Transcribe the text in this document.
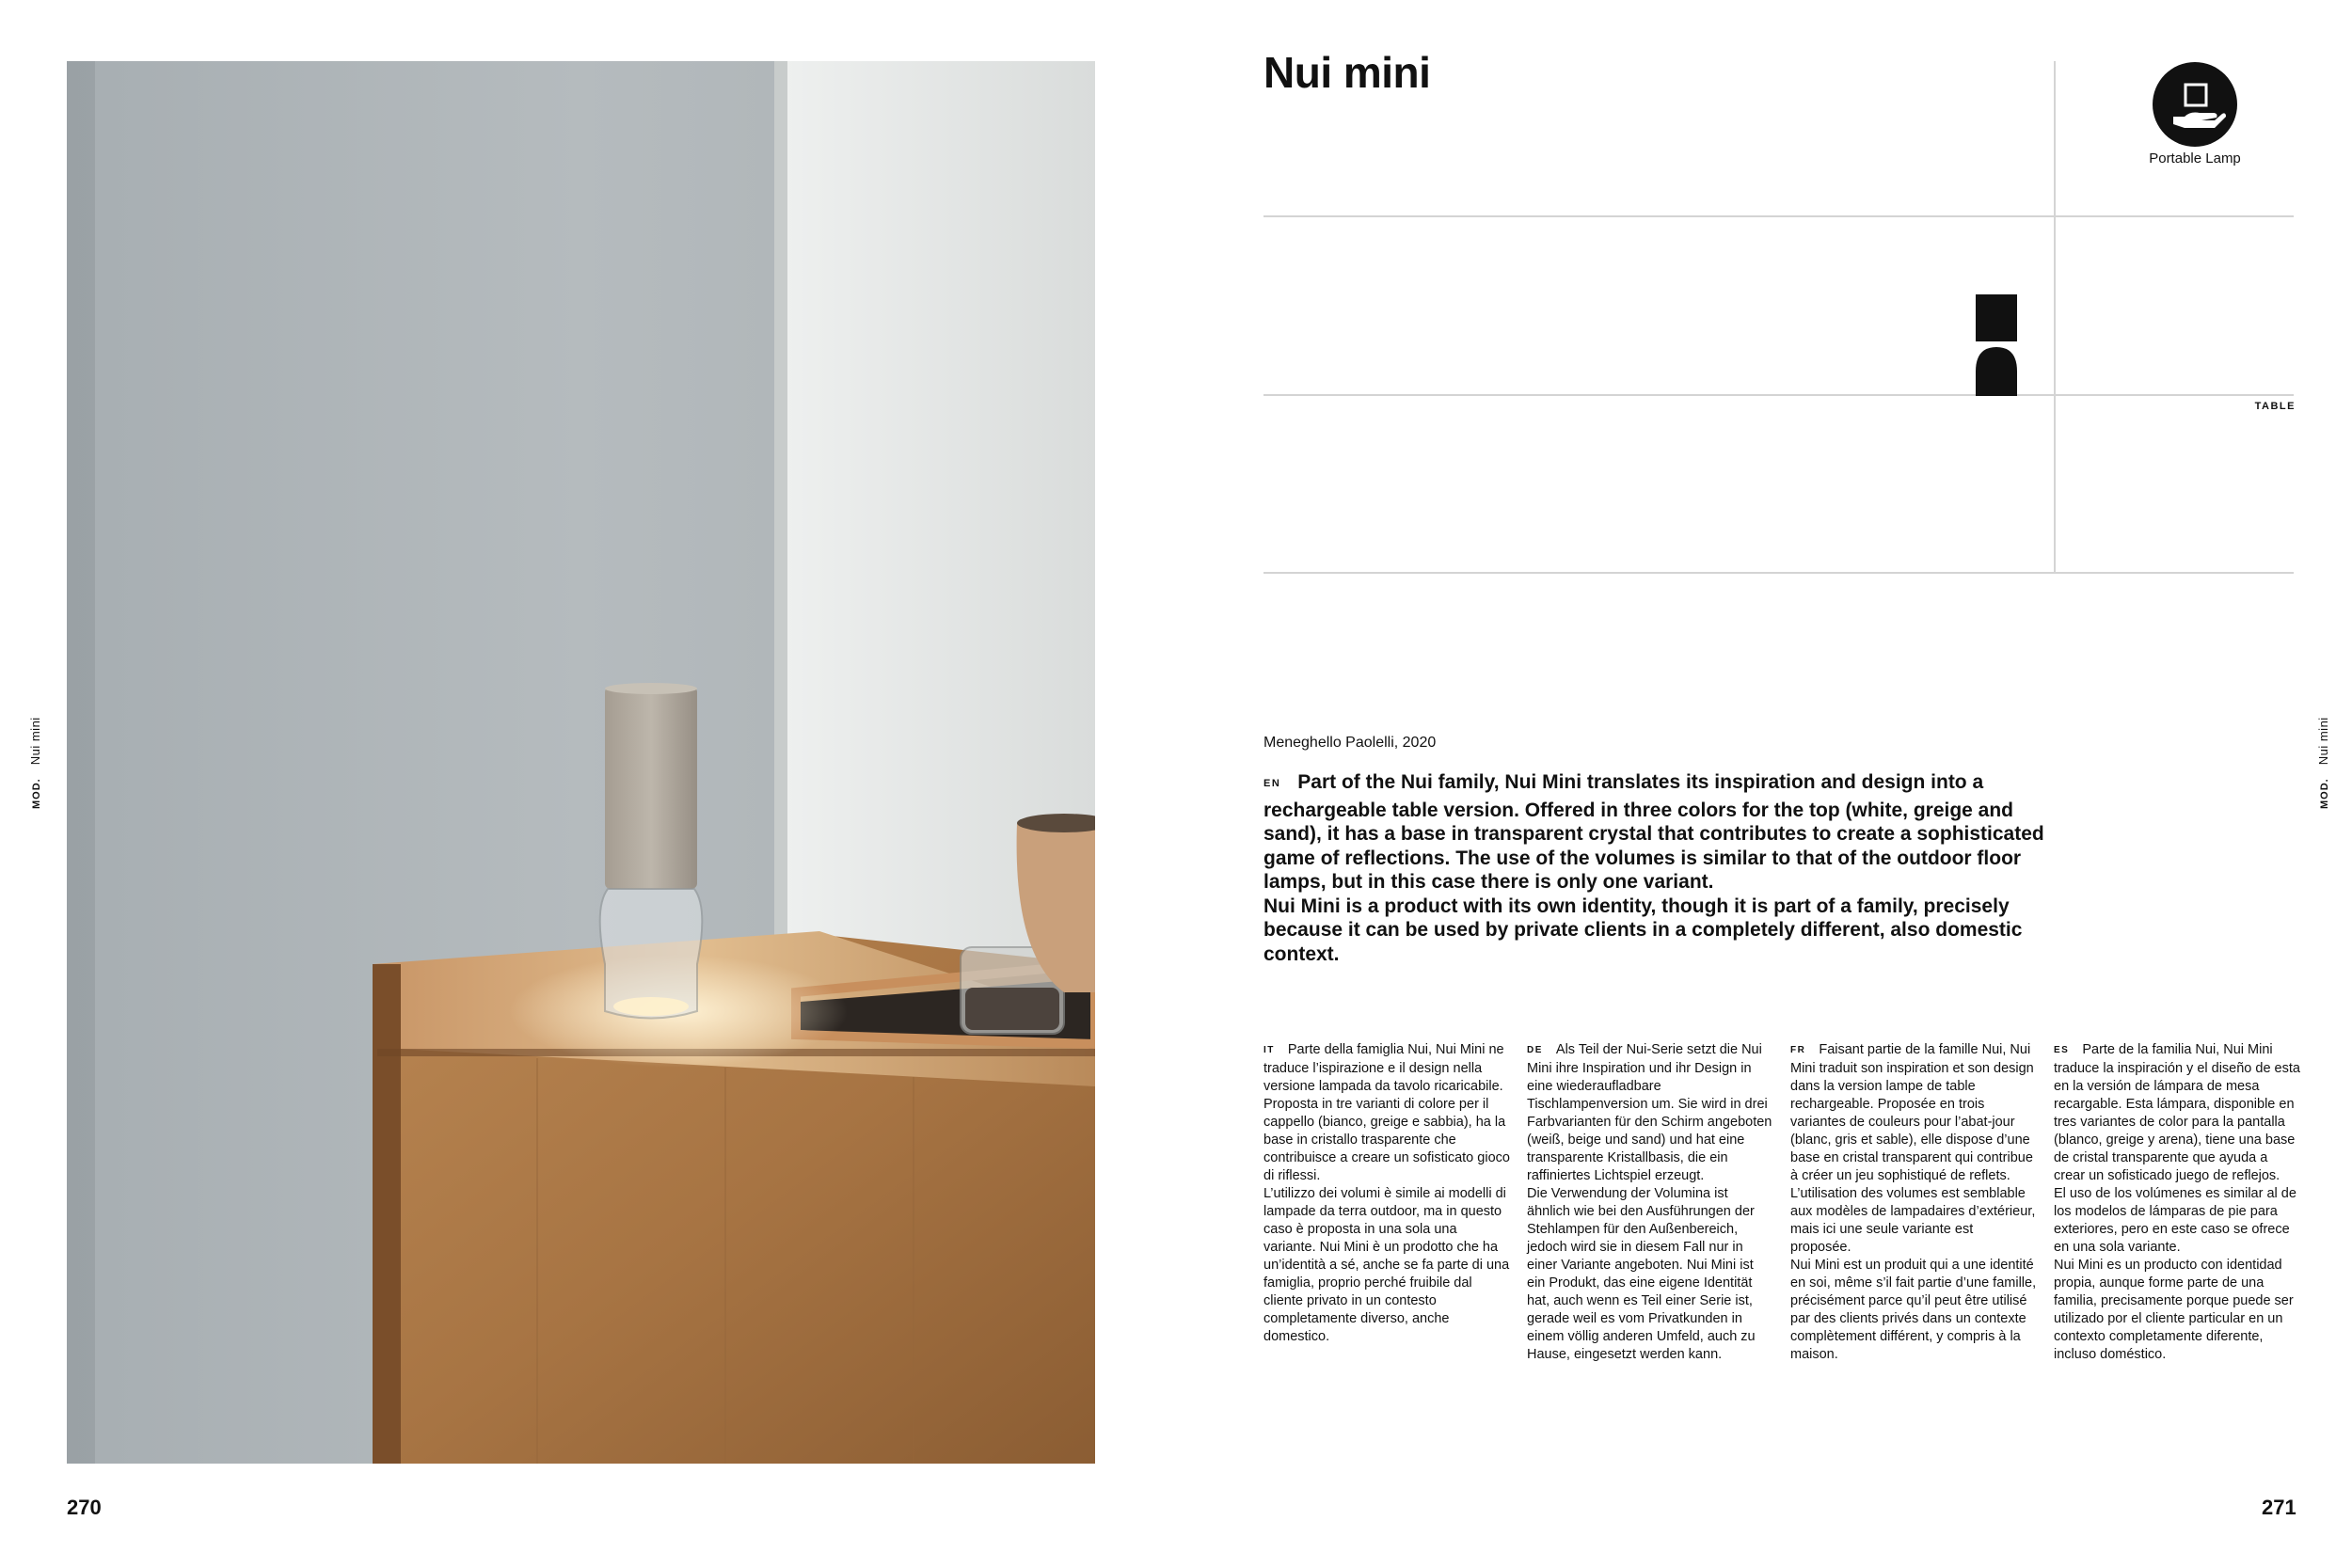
MOD.Nui mini
270
Nui mini
Portable Lamp
TABLE
Meneghello Paolelli, 2020

EN Part of the Nui family, Nui Mini translates its inspiration and design into a rechargeable table version. Offered in three colors for the top (white, greige and sand), it has a base in transparent crystal that contributes to create a sophisticated game of reflections. The use of the volumes is similar to that of the outdoor floor lamps, but in this case there is only one variant.
Nui Mini is a product with its own identity, though it is part of a family, precisely because it can be used by private clients in a completely different, also domestic context.

IT Parte della famiglia Nui, Nui Mini ne traduce l’ispirazione e il design nella versione lampada da tavolo ricaricabile. Proposta in tre varianti di colore per il cappello (bianco, greige e sabbia), ha la base in cristallo trasparente che contribuisce a creare un sofisticato gioco di riflessi.
L’utilizzo dei volumi è simile ai modelli di lampade da terra outdoor, ma in questo caso è proposta in una sola una variante. Nui Mini è un prodotto che ha un’identità a sé, anche se fa parte di una famiglia, proprio perché fruibile dal cliente privato in un contesto completamente diverso, anche domestico.

DE Als Teil der Nui-Serie setzt die Nui Mini ihre Inspiration und ihr Design in eine wiederaufladbare Tischlampenversion um. Sie wird in drei Farbvarianten für den Schirm angeboten (weiß, beige und sand) und hat eine transparente Kristallbasis, die ein raffiniertes Lichtspiel erzeugt.
Die Verwendung der Volumina ist ähnlich wie bei den Ausführungen der Stehlampen für den Außenbereich, jedoch wird sie in diesem Fall nur in einer Variante angeboten. Nui Mini ist ein Produkt, das eine eigene Identität hat, auch wenn es Teil einer Serie ist, gerade weil es vom Privatkunden in einem völlig anderen Umfeld, auch zu Hause, eingesetzt werden kann.

FR Faisant partie de la famille Nui, Nui Mini traduit son inspiration et son design dans la version lampe de table rechargeable. Proposée en trois variantes de couleurs pour l’abat-jour (blanc, gris et sable), elle dispose d’une base en cristal transparent qui contribue à créer un jeu sophistiqué de reflets.
L’utilisation des volumes est semblable aux modèles de lampadaires d’extérieur, mais ici une seule variante est proposée.
Nui Mini est un produit qui a une identité en soi, même s’il fait partie d’une famille, précisément parce qu’il peut être utilisé par des clients privés dans un contexte complètement différent, y compris à la maison.

ES Parte de la familia Nui, Nui Mini traduce la inspiración y el diseño de esta en la versión de lámpara de mesa recargable. Esta lámpara, disponible en tres variantes de color para la pantalla (blanco, greige y arena), tiene una base de cristal transparente que ayuda a crear un sofisticado juego de reflejos.
El uso de los volúmenes es similar al de los modelos de lámparas de pie para exteriores, pero en este caso se ofrece en una sola variante.
Nui Mini es un producto con identidad propia, aunque forme parte de una familia, precisamente porque puede ser utilizado por el cliente particular en un contexto completamente diferente, incluso doméstico.

MOD.Nui mini
271
